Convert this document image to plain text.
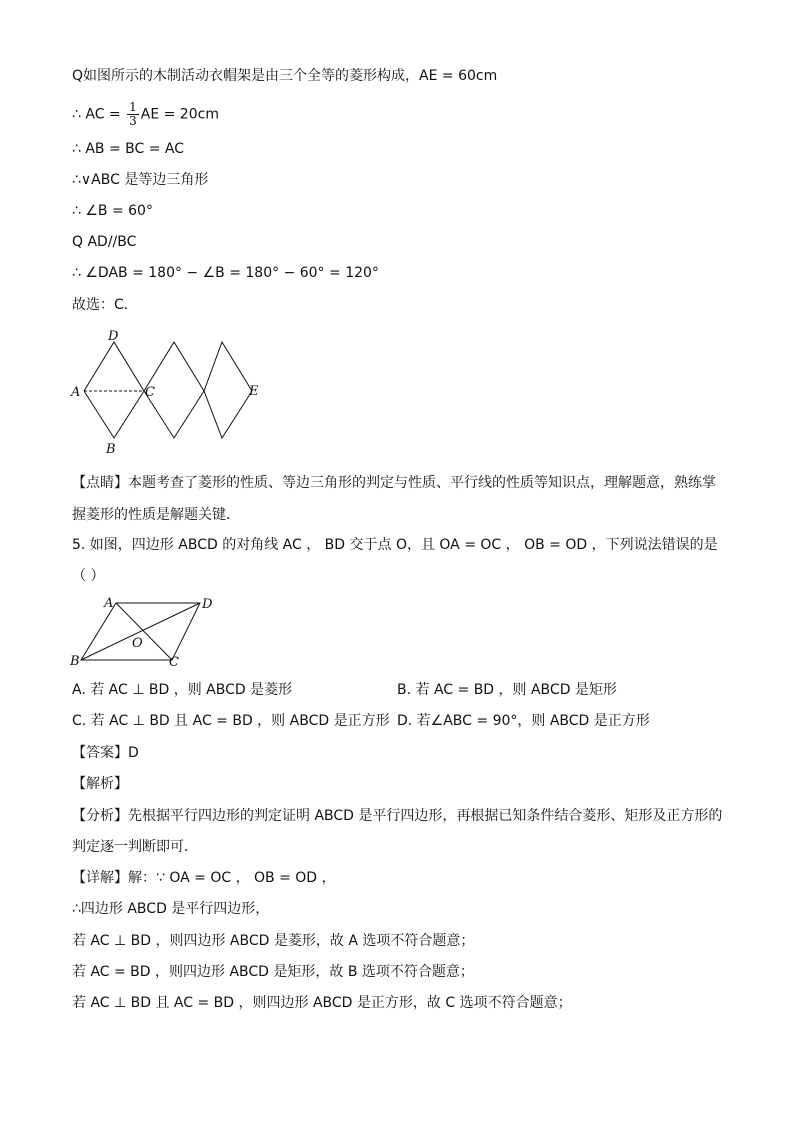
Q如图所示的木制活动衣帽架是由三个全等的菱形构成，AE = 60cm
∴ AC = $\frac{1}{3}$ AE = 20cm
∴ AB = BC = AC
∴∨ABC 是等边三角形
∴ ∠B = 60°
Q AD//BC
∴ ∠DAB = 180° − ∠B = 180° − 60° = 120°
故选：C．
D
A	C	E
B
【点睛】本题考查了菱形的性质、等边三角形的判定与性质、平行线的性质等知识点，理解题意，熟练掌
握菱形的性质是解题关键．
5. 如图，四边形 ABCD 的对角线 AC ， BD 交于点 O，且 OA = OC ， OB = OD ，下列说法错误的是
（ ）
A	D
O
B	C
A. 若 AC ⊥ BD ，则 ABCD 是菱形	B. 若 AC = BD ，则 ABCD 是矩形
C. 若 AC ⊥ BD 且 AC = BD ，则 ABCD 是正方形 D. 若∠ABC = 90°，则 ABCD 是正方形
【答案】D
【解析】
【分析】先根据平行四边形的判定证明 ABCD 是平行四边形，再根据已知条件结合菱形、矩形及正方形的
判定逐一判断即可．
【详解】解：∵ OA = OC ， OB = OD ，
∴四边形 ABCD 是平行四边形，
若 AC ⊥ BD ，则四边形 ABCD 是菱形，故 A 选项不符合题意；
若 AC = BD ，则四边形 ABCD 是矩形，故 B 选项不符合题意；
若 AC ⊥ BD 且 AC = BD ，则四边形 ABCD 是正方形，故 C 选项不符合题意；
